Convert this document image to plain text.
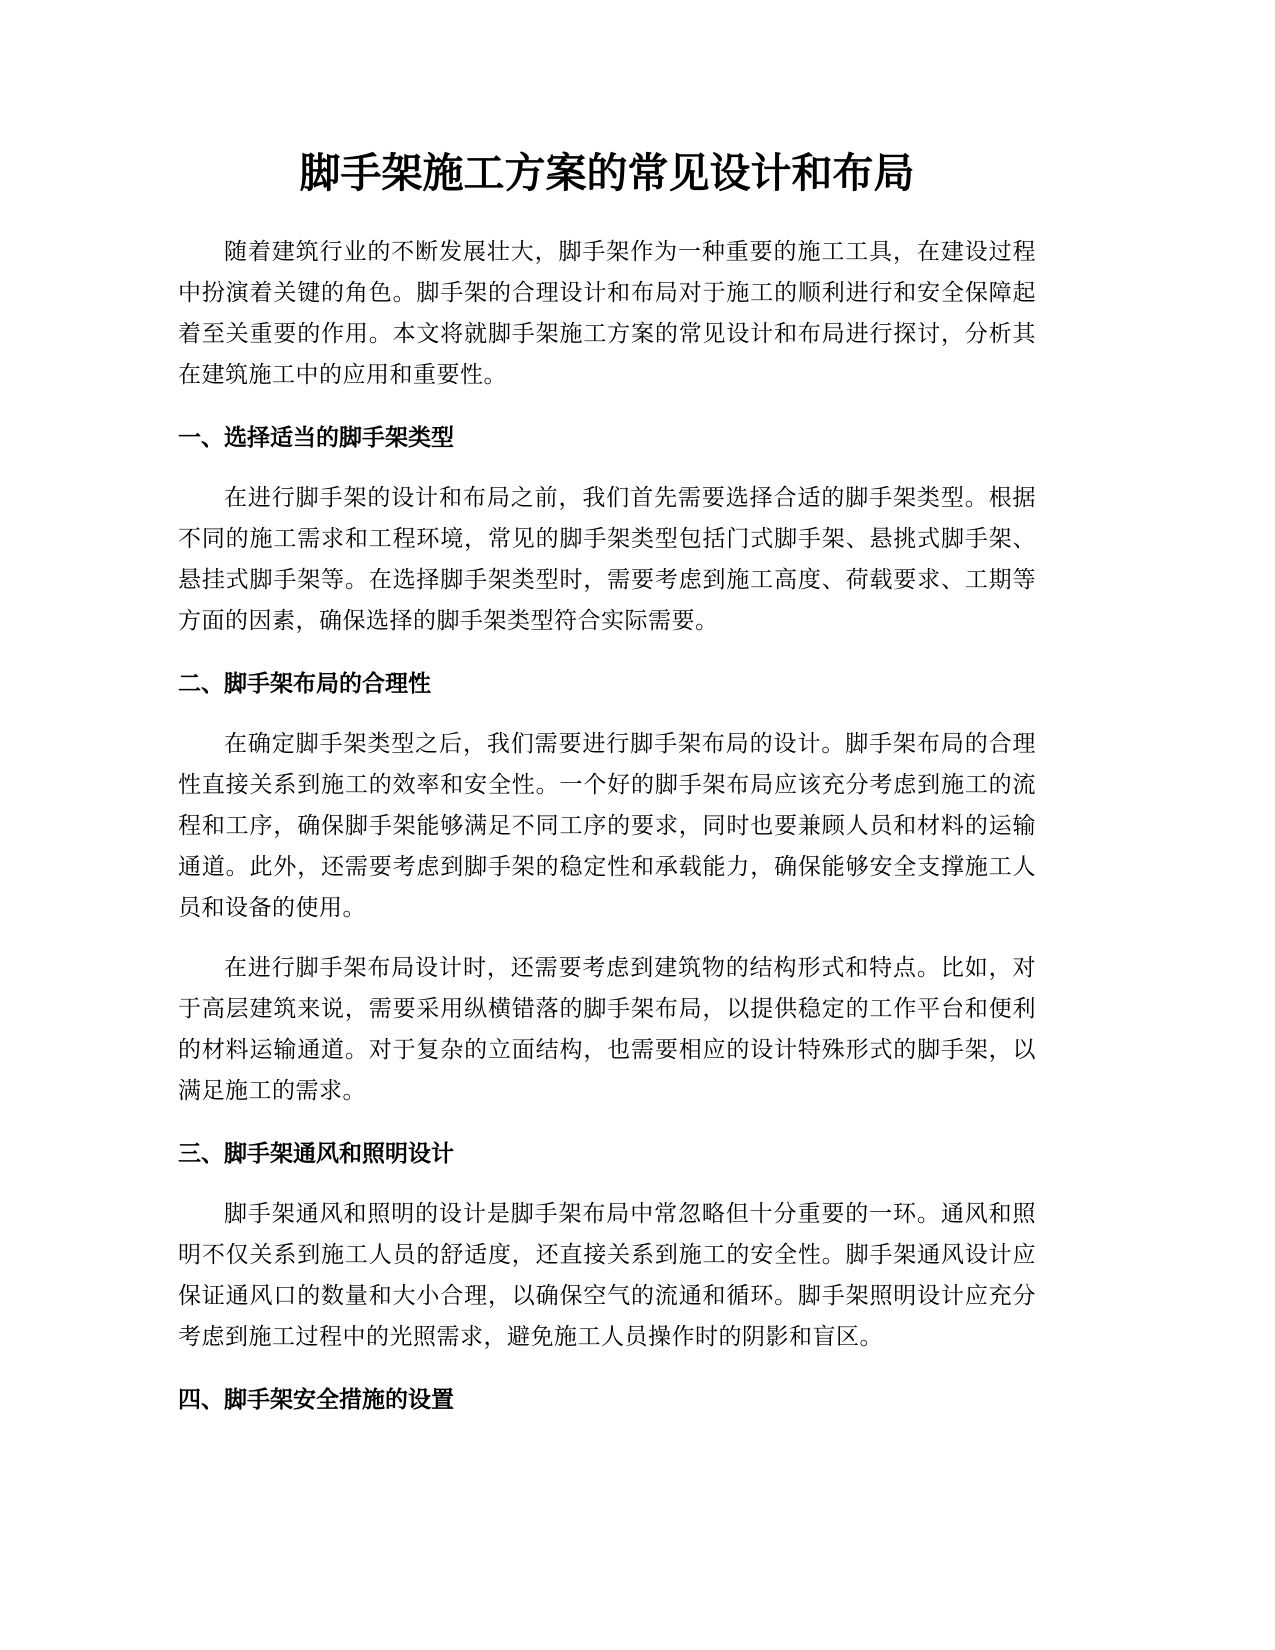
脚手架施工方案的常见设计和布局

随着建筑行业的不断发展壮大，脚手架作为一种重要的施工工具，在建设过程中扮演着关键的角色。脚手架的合理设计和布局对于施工的顺利进行和安全保障起着至关重要的作用。本文将就脚手架施工方案的常见设计和布局进行探讨，分析其在建筑施工中的应用和重要性。

一、选择适当的脚手架类型

在进行脚手架的设计和布局之前，我们首先需要选择合适的脚手架类型。根据不同的施工需求和工程环境，常见的脚手架类型包括门式脚手架、悬挑式脚手架、悬挂式脚手架等。在选择脚手架类型时，需要考虑到施工高度、荷载要求、工期等方面的因素，确保选择的脚手架类型符合实际需要。

二、脚手架布局的合理性

在确定脚手架类型之后，我们需要进行脚手架布局的设计。脚手架布局的合理性直接关系到施工的效率和安全性。一个好的脚手架布局应该充分考虑到施工的流程和工序，确保脚手架能够满足不同工序的要求，同时也要兼顾人员和材料的运输通道。此外，还需要考虑到脚手架的稳定性和承载能力，确保能够安全支撑施工人员和设备的使用。

在进行脚手架布局设计时，还需要考虑到建筑物的结构形式和特点。比如，对于高层建筑来说，需要采用纵横错落的脚手架布局，以提供稳定的工作平台和便利的材料运输通道。对于复杂的立面结构，也需要相应的设计特殊形式的脚手架，以满足施工的需求。

三、脚手架通风和照明设计

脚手架通风和照明的设计是脚手架布局中常忽略但十分重要的一环。通风和照明不仅关系到施工人员的舒适度，还直接关系到施工的安全性。脚手架通风设计应保证通风口的数量和大小合理，以确保空气的流通和循环。脚手架照明设计应充分考虑到施工过程中的光照需求，避免施工人员操作时的阴影和盲区。

四、脚手架安全措施的设置
